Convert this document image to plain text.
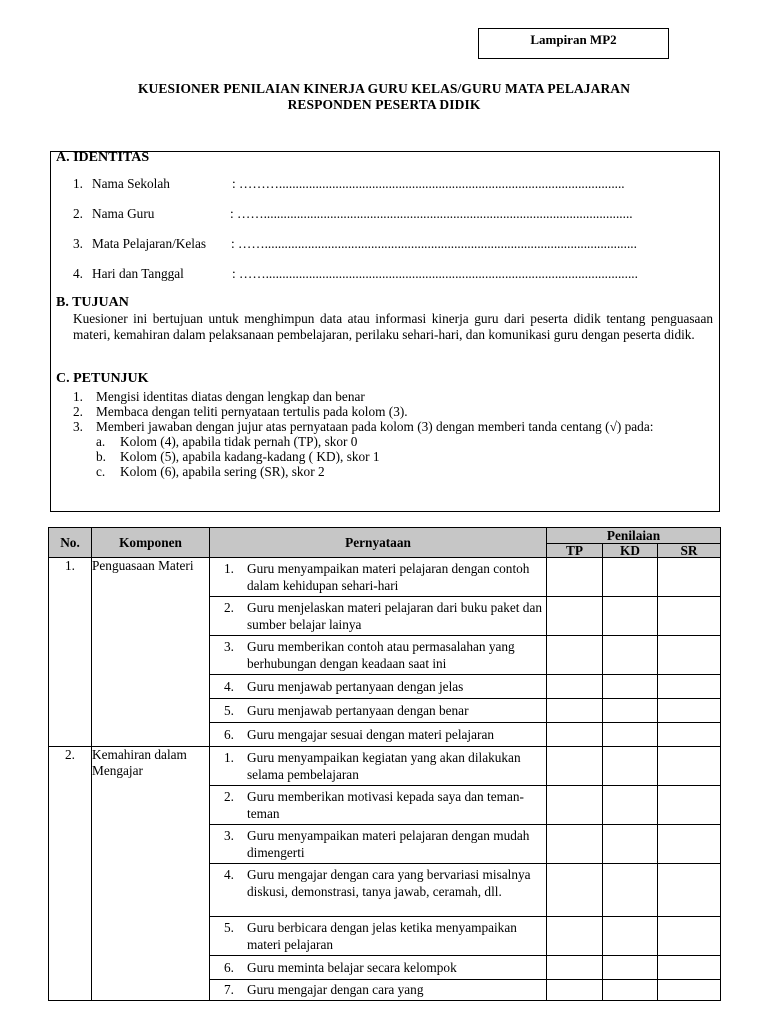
Lampiran MP2
KUESIONER PENILAIAN KINERJA GURU KELAS/GURU MATA PELAJARAN
RESPONDEN PESERTA DIDIK
A. IDENTITAS
1. Nama Sekolah	: ………........................................................................................................
2. Nama Guru	: ……...............................................................................................................
3. Mata Pelajaran/Kelas	: ……................................................................................................................
4. Hari dan Tanggal	: ……................................................................................................................
B. TUJUAN
Kuesioner ini bertujuan untuk menghimpun data atau informasi kinerja guru dari peserta didik tentang penguasaan materi, kemahiran dalam pelaksanaan pembelajaran, perilaku sehari-hari, dan komunikasi guru dengan peserta didik.
C. PETUNJUK
1. Mengisi identitas diatas dengan lengkap dan benar
2. Membaca dengan teliti pernyataan tertulis pada kolom (3).
3. Memberi jawaban dengan jujur atas pernyataan pada kolom (3) dengan memberi tanda centang (√) pada:
a. Kolom (4), apabila tidak pernah (TP), skor 0
b. Kolom (5), apabila kadang-kadang ( KD), skor 1
c. Kolom (6), apabila sering (SR), skor 2
No.	Komponen	Pernyataan	Penilaian		
			TP	KD	SR
1.	Penguasaan Materi	1. Guru menyampaikan materi pelajaran dengan contoh dalam kehidupan sehari-hari			

		2. Guru menjelaskan materi pelajaran dari buku paket dan sumber belajar lainya			

		3. Guru memberikan contoh atau permasalahan yang berhubungan dengan keadaan saat ini			

		4. Guru menjawab pertanyaan dengan jelas			

		5. Guru menjawab pertanyaan dengan benar			

		6. Guru mengajar sesuai dengan materi pelajaran			

2.	Kemahiran dalam Mengajar	1. Guru menyampaikan kegiatan yang akan dilakukan selama pembelajaran			

		2. Guru memberikan motivasi kepada saya dan teman-teman			

		3. Guru menyampaikan materi pelajaran dengan mudah dimengerti			

		4. Guru mengajar dengan cara yang bervariasi misalnya diskusi, demonstrasi, tanya jawab, ceramah, dll.			

		5. Guru berbicara dengan jelas ketika menyampaikan materi pelajaran			

		6. Guru meminta belajar secara kelompok			

		7. Guru mengajar dengan cara yang			
